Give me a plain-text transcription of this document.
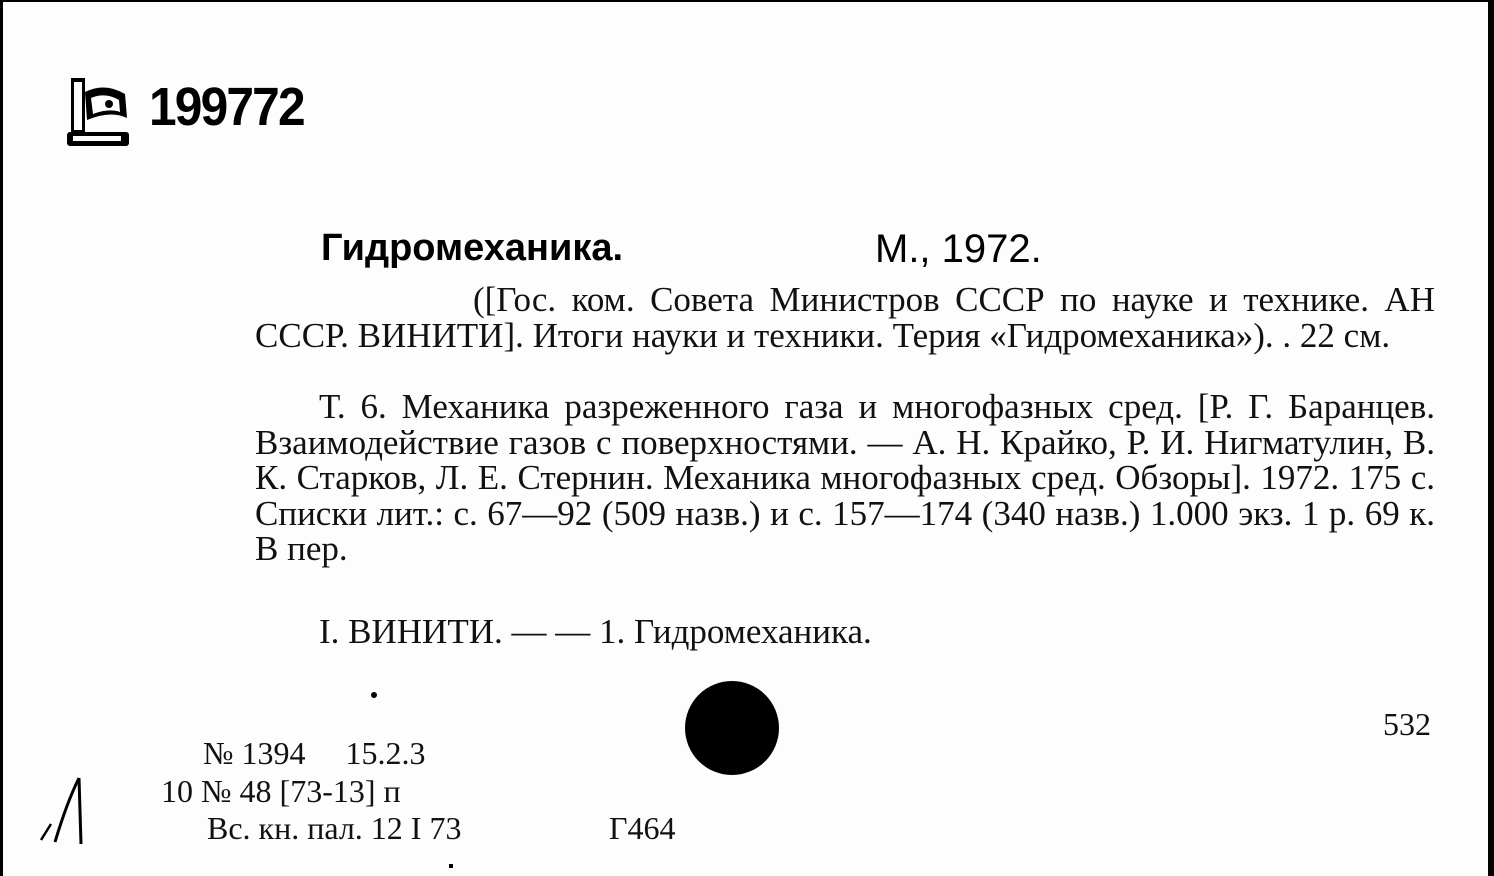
199772
Гидромеханика.	М., 1972.

([Гос. ком. Совета Министров СССР по науке и технике. АН СССР. ВИНИТИ]. Итоги науки и техники. Терия «Гидромеханика»). . 22 см.

Т. 6. Механика разреженного газа и многофазных сред. [Р. Г. Баранцев. Взаимодействие газов с поверхностями. — А. Н. Крайко, Р. И. Нигматулин, В. К. Старков, Л. Е. Стернин. Механика многофазных сред. Обзоры]. 1972. 175 с. Списки лит.: с. 67—92 (509 назв.) и с. 157—174 (340 назв.) 1.000 экз. 1 р. 69 к. В пер.

I. ВИНИТИ. — — 1. Гидромеханика.

532

№ 1394 15.2.3

10 № 48 [73-13] п

Вс. кн. пал. 12 I 73	Г464
